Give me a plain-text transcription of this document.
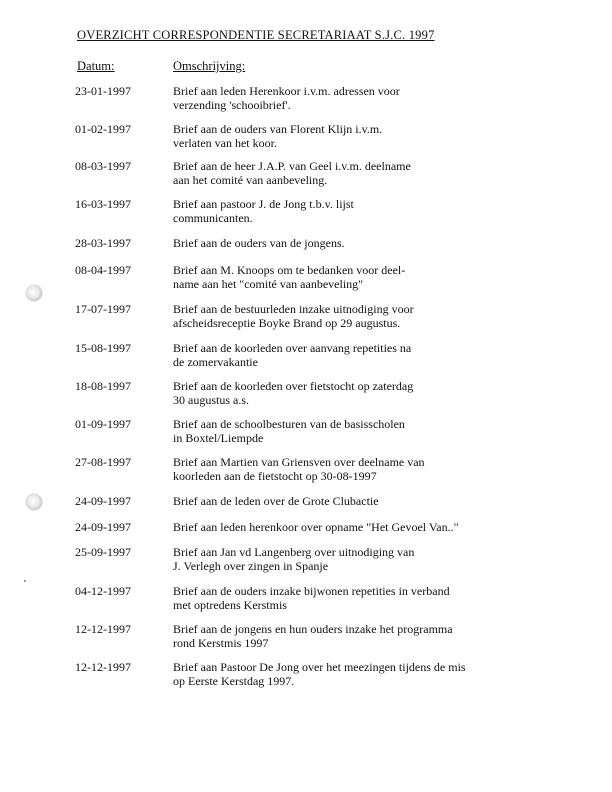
OVERZICHT CORRESPONDENTIE SECRETARIAAT S.J.C. 1997
Datum:	Omschrijving:
23-01-1997	Brief aan leden Herenkoor i.v.m. adressen voor
verzending 'schooibrief'.
01-02-1997	Brief aan de ouders van Florent Klijn i.v.m.
verlaten van het koor.
08-03-1997	Brief aan de heer J.A.P. van Geel i.v.m. deelname
aan het comité van aanbeveling.
16-03-1997	Brief aan pastoor J. de Jong t.b.v. lijst
communicanten.
28-03-1997	Brief aan de ouders van de jongens.
08-04-1997	Brief aan M. Knoops om te bedanken voor deel-
name aan het "comité van aanbeveling"
17-07-1997	Brief aan de bestuurleden inzake uitnodiging voor
afscheidsreceptie Boyke Brand op 29 augustus.
15-08-1997	Brief aan de koorleden over aanvang repetities na
de zomervakantie
18-08-1997	Brief aan de koorleden over fietstocht op zaterdag
30 augustus a.s.
01-09-1997	Brief aan de schoolbesturen van de basisscholen
in Boxtel/Liempde
27-08-1997	Brief aan Martien van Griensven over deelname van
koorleden aan de fietstocht op 30-08-1997
24-09-1997	Brief aan de leden over de Grote Clubactie
24-09-1997	Brief aan leden herenkoor over opname "Het Gevoel Van.."
25-09-1997	Brief aan Jan vd Langenberg over uitnodiging van
J. Verlegh over zingen in Spanje
04-12-1997	Brief aan de ouders inzake bijwonen repetities in verband
met optredens Kerstmis
12-12-1997	Brief aan de jongens en hun ouders inzake het programma
rond Kerstmis 1997
12-12-1997	Brief aan Pastoor De Jong over het meezingen tijdens de mis
op Eerste Kerstdag 1997.
